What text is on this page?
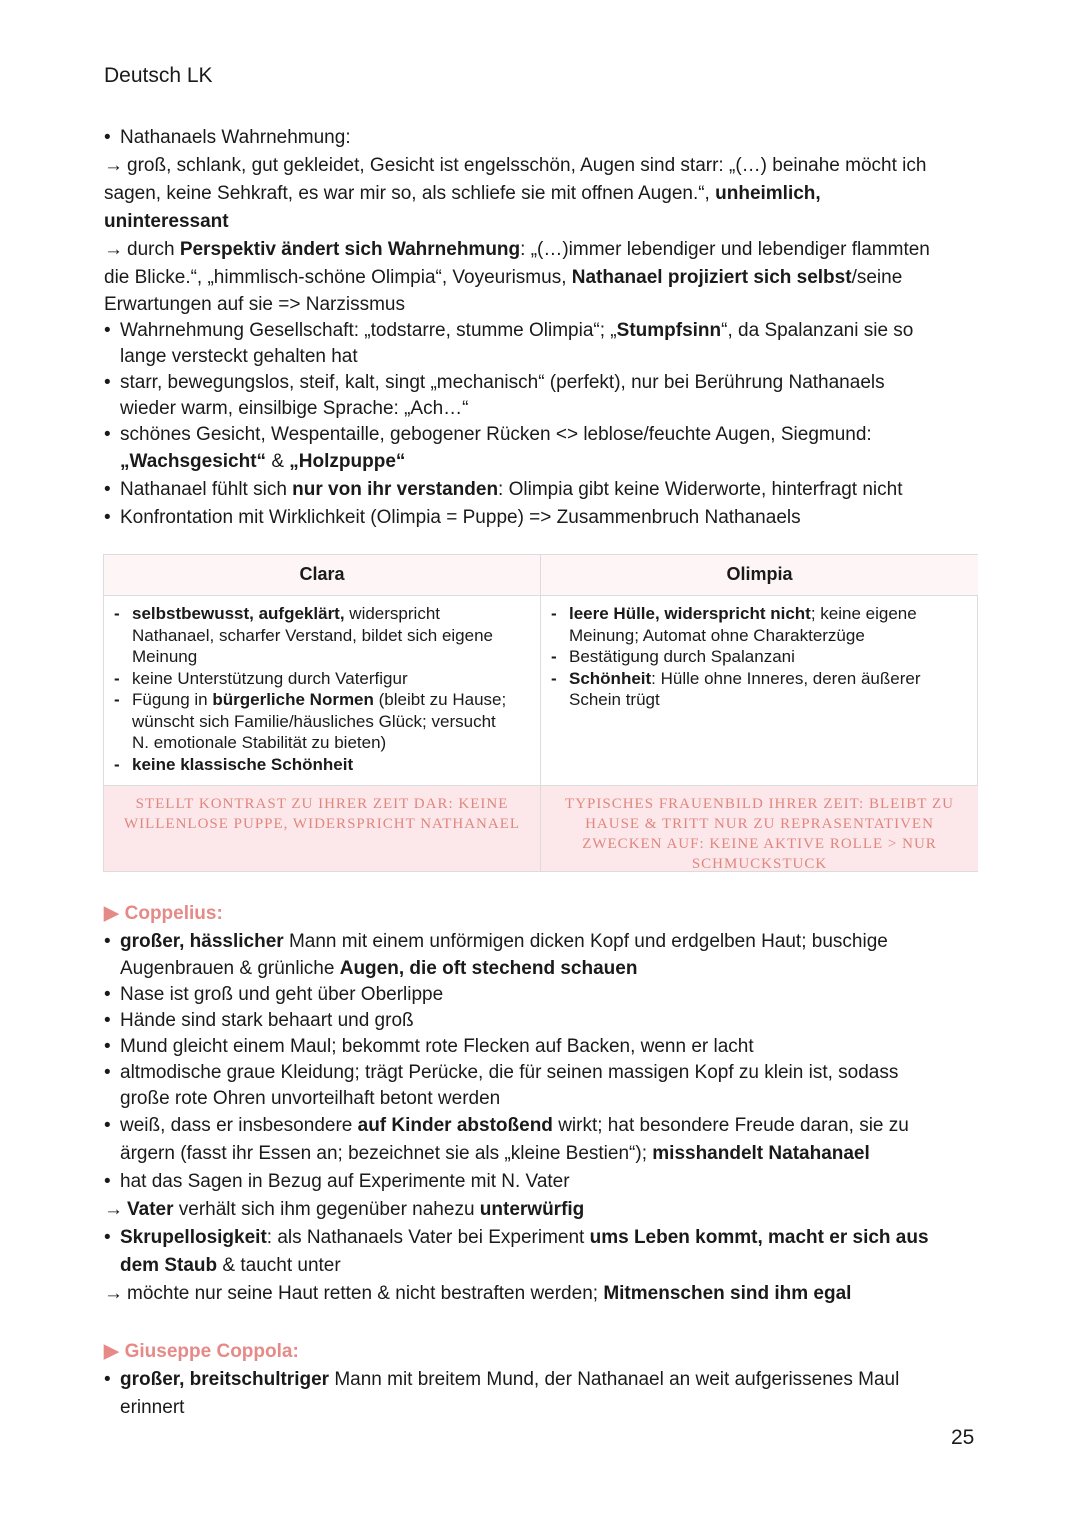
Deutsch LK
• Nathanaels Wahrnehmung:
→ groß, schlank, gut gekleidet, Gesicht ist engelsschön, Augen sind starr: „(…) beinahe möcht ich
sagen, keine Sehkraft, es war mir so, als schliefe sie mit offnen Augen.“, unheimlich,
uninteressant
→ durch Perspektiv ändert sich Wahrnehmung: „(…)immer lebendiger und lebendiger flammten
die Blicke.“, „himmlisch-schöne Olimpia“, Voyeurismus, Nathanael projiziert sich selbst/seine
Erwartungen auf sie => Narzissmus
• Wahrnehmung Gesellschaft: „todstarre, stumme Olimpia“; „Stumpfsinn“, da Spalanzani sie so
lange versteckt gehalten hat
• starr, bewegungslos, steif, kalt, singt „mechanisch“ (perfekt), nur bei Berührung Nathanaels
wieder warm, einsilbige Sprache: „Ach…“
• schönes Gesicht, Wespentaille, gebogener Rücken <> leblose/feuchte Augen, Siegmund:
„Wachsgesicht“ & „Holzpuppe“
• Nathanael fühlt sich nur von ihr verstanden: Olimpia gibt keine Widerworte, hinterfragt nicht
• Konfrontation mit Wirklichkeit (Olimpia = Puppe) => Zusammenbruch Nathanaels
Clara
- selbstbewusst, aufgeklärt, widerspricht
Nathanael, scharfer Verstand, bildet sich eigene
Meinung
- keine Unterstützung durch Vaterfigur
- Fügung in bürgerliche Normen (bleibt zu Hause;
wünscht sich Familie/häusliches Glück; versucht
N. emotionale Stabilität zu bieten)
- keine klassische Schönheit
STELLT KONTRAST ZU IHRER ZEIT DAR: KEINE WILLENLOSE PUPPE, WIDERSPRICHT NATHANAEL
Olimpia
- leere Hülle, widerspricht nicht; keine eigene
Meinung; Automat ohne Charakterzüge
- Bestätigung durch Spalanzani
- Schönheit: Hülle ohne Inneres, deren äußerer
Schein trügt
TYPISCHES FRAUENBILD IHRER ZEIT: BLEIBT ZU HAUSE & TRITT NUR ZU REPRASENTATIVEN ZWECKEN AUF: KEINE AKTIVE ROLLE > NUR SCHMUCKSTUCK
▶ Coppelius:
• großer, hässlicher Mann mit einem unförmigen dicken Kopf und erdgelben Haut; buschige
Augenbrauen & grünliche Augen, die oft stechend schauen
• Nase ist groß und geht über Oberlippe
• Hände sind stark behaart und groß
• Mund gleicht einem Maul; bekommt rote Flecken auf Backen, wenn er lacht
• altmodische graue Kleidung; trägt Perücke, die für seinen massigen Kopf zu klein ist, sodass
große rote Ohren unvorteilhaft betont werden
• weiß, dass er insbesondere auf Kinder abstoßend wirkt; hat besondere Freude daran, sie zu
ärgern (fasst ihr Essen an; bezeichnet sie als „kleine Bestien“); misshandelt Natahanael
• hat das Sagen in Bezug auf Experimente mit N. Vater
→ Vater verhält sich ihm gegenüber nahezu unterwürfig
• Skrupellosigkeit: als Nathanaels Vater bei Experiment ums Leben kommt, macht er sich aus
dem Staub & taucht unter
→ möchte nur seine Haut retten & nicht bestraften werden; Mitmenschen sind ihm egal
▶ Giuseppe Coppola:
• großer, breitschultriger Mann mit breitem Mund, der Nathanael an weit aufgerissenes Maul
erinnert
25
